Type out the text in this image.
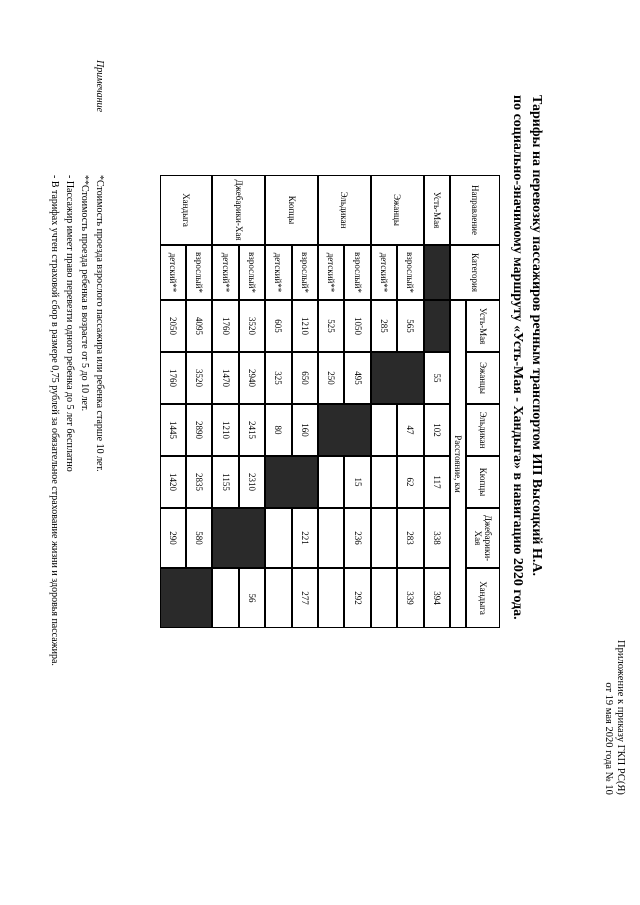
Приложение к приказу ГКП РС(Я)
от 19 мая 2020 года № 10
Тарифы на перевозку пассажиров речным транспортом ИП Высоцкий Н.А.
по социально-значимому маршруту «Усть-Мая - Хандыга» в навигацию 2020 года.
Направление
Категория
Усть-Мая
Эжанцы
Эльдикан
Кюпцы
Джебарики-Хая
Хандыга
Расстояние, км
Усть-Мая
55
102
117
338
394
Эжанцы
взрослый*
565
47
62
283
339
детский**
285
Эльдикан
взрослый*
1050
495
15
236
292
детский**
525
250
Кюпцы
взрослый*
1210
650
160
221
277
детский**
605
325
80
Джебарики-Хая
взрослый*
3520
2940
2415
2310
56
детский**
1760
1470
1210
1155
Хандыга
взрослый*
4095
3520
2890
2835
580
детский**
2050
1760
1445
1420
290
Примечание
*Стоимость проезда взрослого пассажира или ребенка старше 10 лет.
**Стоимость проезда ребенка в возрасте от 5 до 10 лет.
- Пассажир имеет право перевезти одного ребенка до 5 лет бесплатно
- В тарифах учтен страховой сбор в размере 0,75 рублей за обязательное страхование жизни и здоровья пассажира.
